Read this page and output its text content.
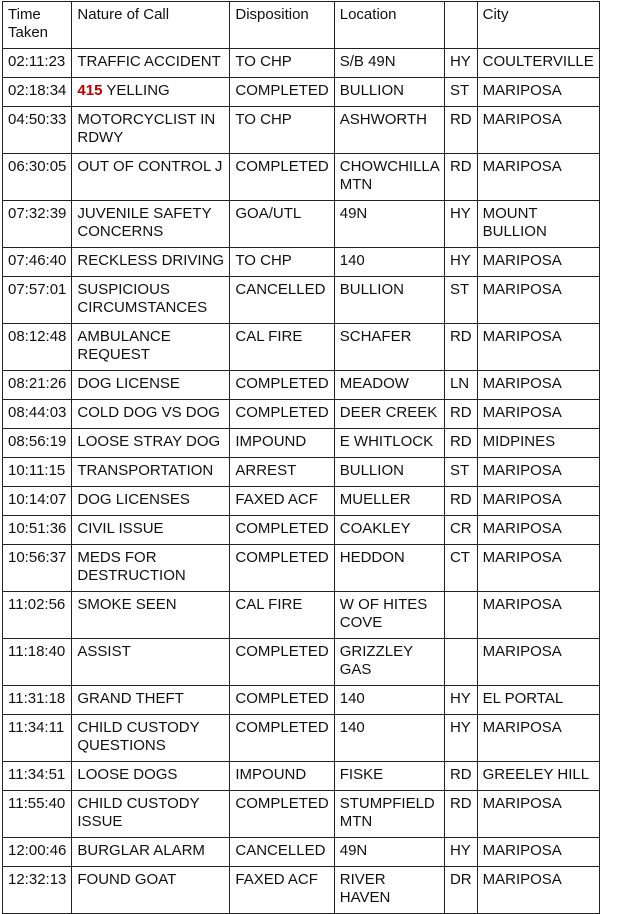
Time Taken	Nature of Call	Disposition	Location		City
02:11:23	TRAFFIC ACCIDENT	TO CHP	S/B 49N	HY	COULTERVILLE
02:18:34	415 YELLING	COMPLETED	BULLION	ST	MARIPOSA
04:50:33	MOTORCYCLIST IN RDWY	TO CHP	ASHWORTH	RD	MARIPOSA
06:30:05	OUT OF CONTROL J	COMPLETED	CHOWCHILLA MTN	RD	MARIPOSA
07:32:39	JUVENILE SAFETY CONCERNS	GOA/UTL	49N	HY	MOUNT BULLION
07:46:40	RECKLESS DRIVING	TO CHP	140	HY	MARIPOSA
07:57:01	SUSPICIOUS CIRCUMSTANCES	CANCELLED	BULLION	ST	MARIPOSA
08:12:48	AMBULANCE REQUEST	CAL FIRE	SCHAFER	RD	MARIPOSA
08:21:26	DOG LICENSE	COMPLETED	MEADOW	LN	MARIPOSA
08:44:03	COLD DOG VS DOG	COMPLETED	DEER CREEK	RD	MARIPOSA
08:56:19	LOOSE STRAY DOG	IMPOUND	E WHITLOCK	RD	MIDPINES
10:11:15	TRANSPORTATION	ARREST	BULLION	ST	MARIPOSA
10:14:07	DOG LICENSES	FAXED ACF	MUELLER	RD	MARIPOSA
10:51:36	CIVIL ISSUE	COMPLETED	COAKLEY	CR	MARIPOSA
10:56:37	MEDS FOR DESTRUCTION	COMPLETED	HEDDON	CT	MARIPOSA
11:02:56	SMOKE SEEN	CAL FIRE	W OF HITES COVE		MARIPOSA
11:18:40	ASSIST	COMPLETED	GRIZZLEY GAS		MARIPOSA
11:31:18	GRAND THEFT	COMPLETED	140	HY	EL PORTAL
11:34:11	CHILD CUSTODY QUESTIONS	COMPLETED	140	HY	MARIPOSA
11:34:51	LOOSE DOGS	IMPOUND	FISKE	RD	GREELEY HILL
11:55:40	CHILD CUSTODY ISSUE	COMPLETED	STUMPFIELD MTN	RD	MARIPOSA
12:00:46	BURGLAR ALARM	CANCELLED	49N	HY	MARIPOSA
12:32:13	FOUND GOAT	FAXED ACF	RIVER HAVEN	DR	MARIPOSA
